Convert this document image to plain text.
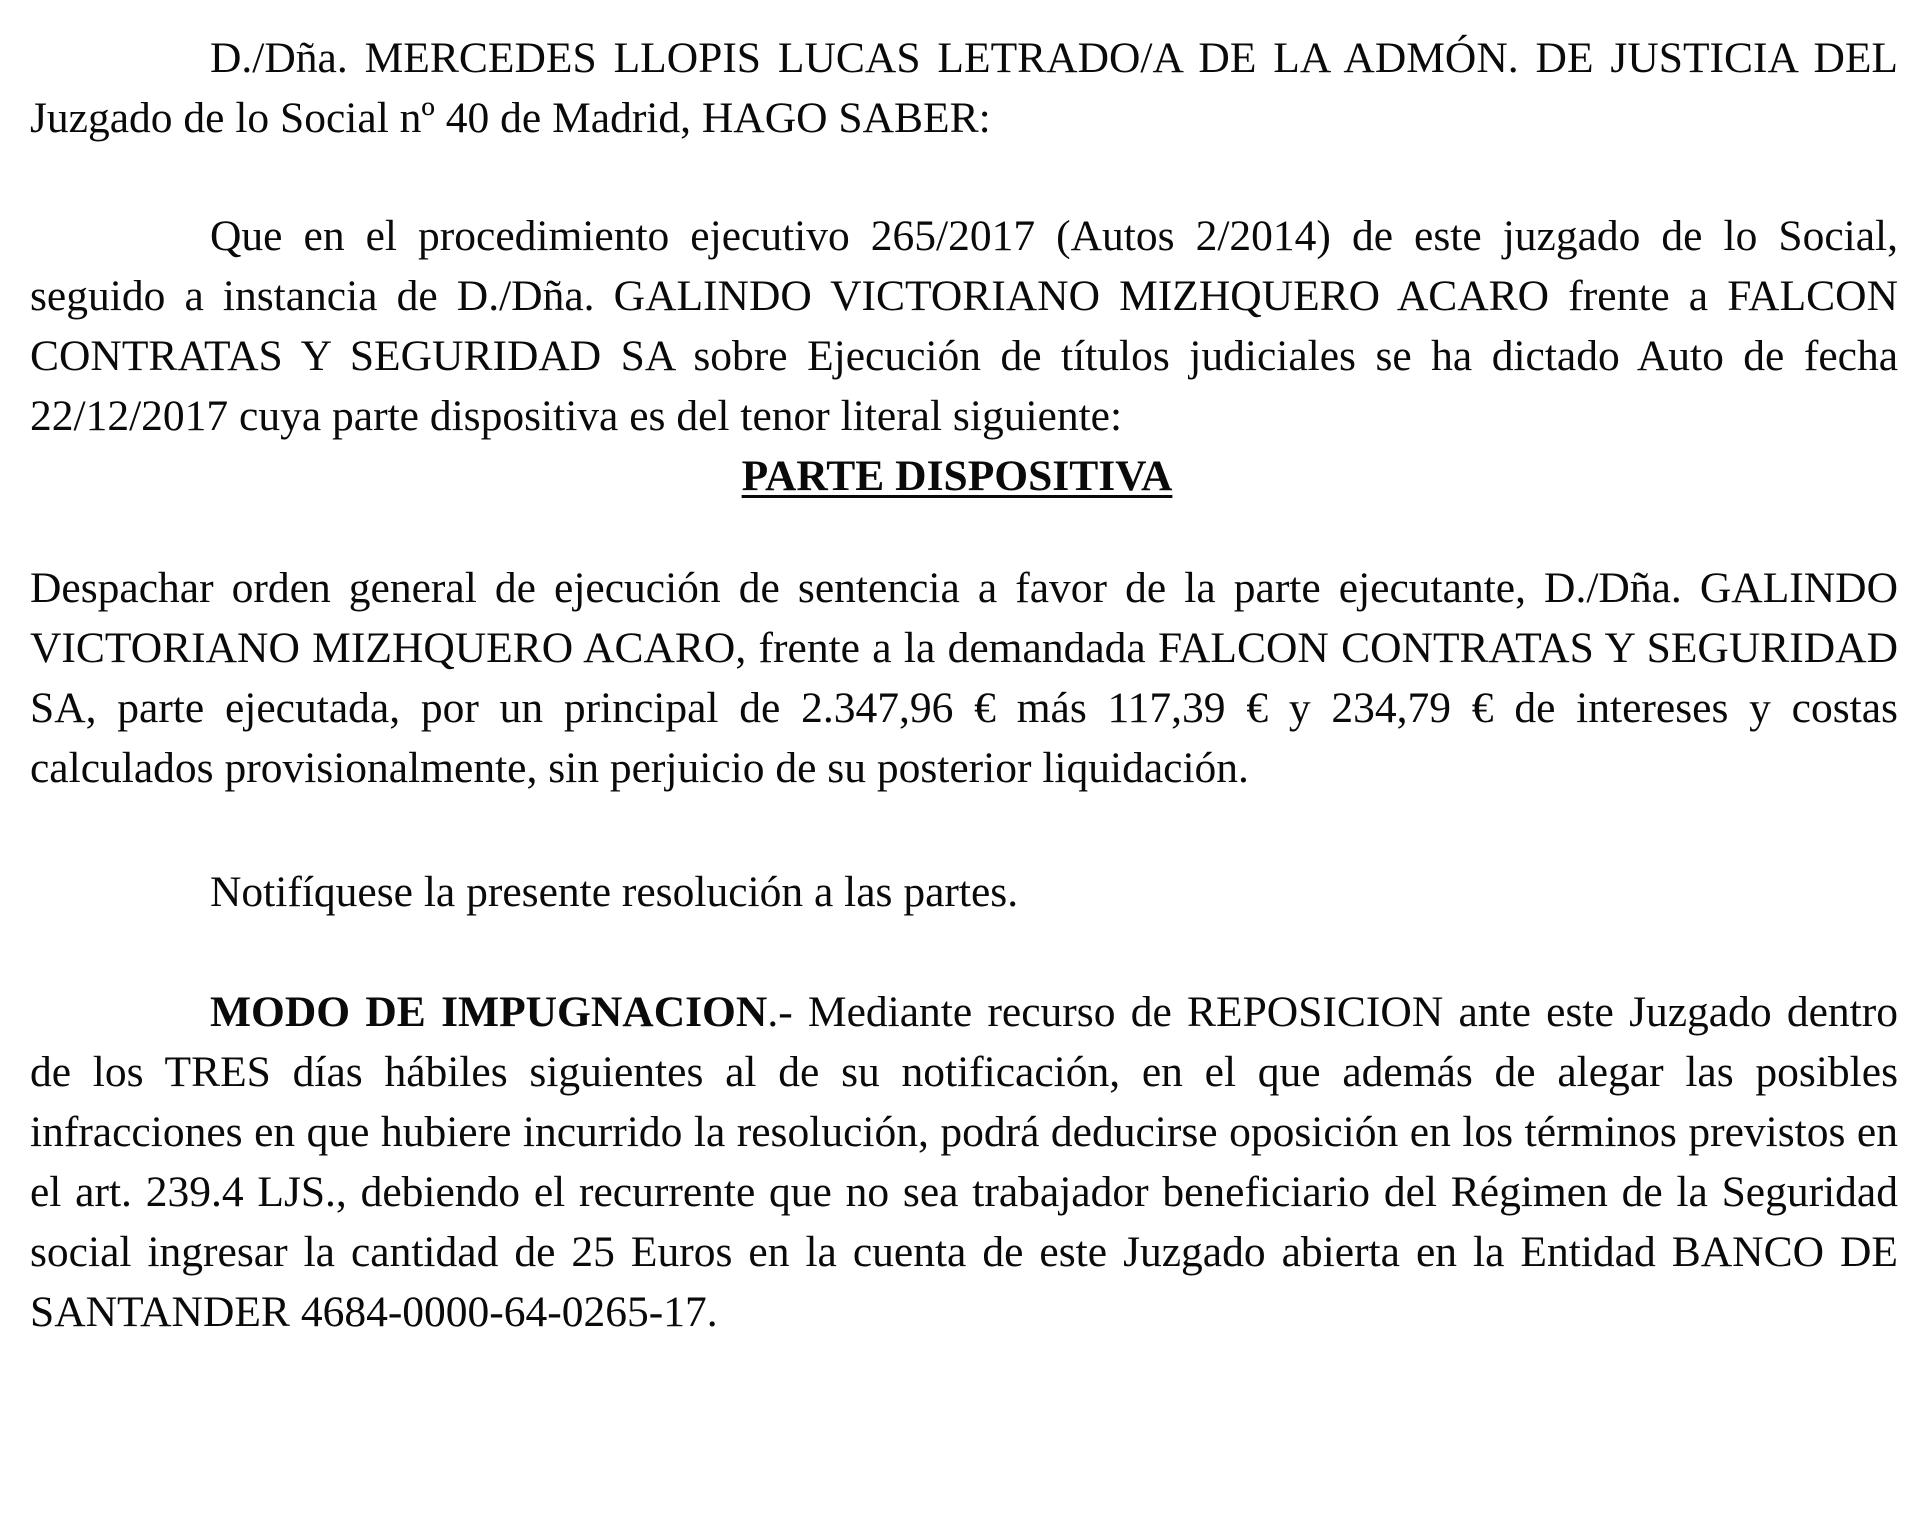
D./Dña. MERCEDES LLOPIS LUCAS LETRADO/A DE LA ADMÓN. DE JUSTICIA DEL Juzgado de lo Social nº 40 de Madrid, HAGO SABER:

Que en el procedimiento ejecutivo 265/2017 (Autos 2/2014) de este juzgado de lo Social, seguido a instancia de D./Dña. GALINDO VICTORIANO MIZHQUERO ACARO frente a FALCON CONTRATAS Y SEGURIDAD SA sobre Ejecución de títulos judiciales se ha dictado Auto de fecha 22/12/2017 cuya parte dispositiva es del tenor literal siguiente:

PARTE DISPOSITIVA

Despachar orden general de ejecución de sentencia a favor de la parte ejecutante, D./Dña. GALINDO VICTORIANO MIZHQUERO ACARO, frente a la demandada FALCON CONTRATAS Y SEGURIDAD SA, parte ejecutada, por un principal de 2.347,96 € más 117,39 € y 234,79 € de intereses y costas calculados provisionalmente, sin perjuicio de su posterior liquidación.

Notifíquese la presente resolución a las partes.

MODO DE IMPUGNACION.- Mediante recurso de REPOSICION ante este Juzgado dentro de los TRES días hábiles siguientes al de su notificación, en el que además de alegar las posibles infracciones en que hubiere incurrido la resolución, podrá deducirse oposición en los términos previstos en el art. 239.4 LJS., debiendo el recurrente que no sea trabajador beneficiario del Régimen de la Seguridad social ingresar la cantidad de 25 Euros en la cuenta de este Juzgado abierta en la Entidad BANCO DE SANTANDER 4684-0000-64-0265-17.
